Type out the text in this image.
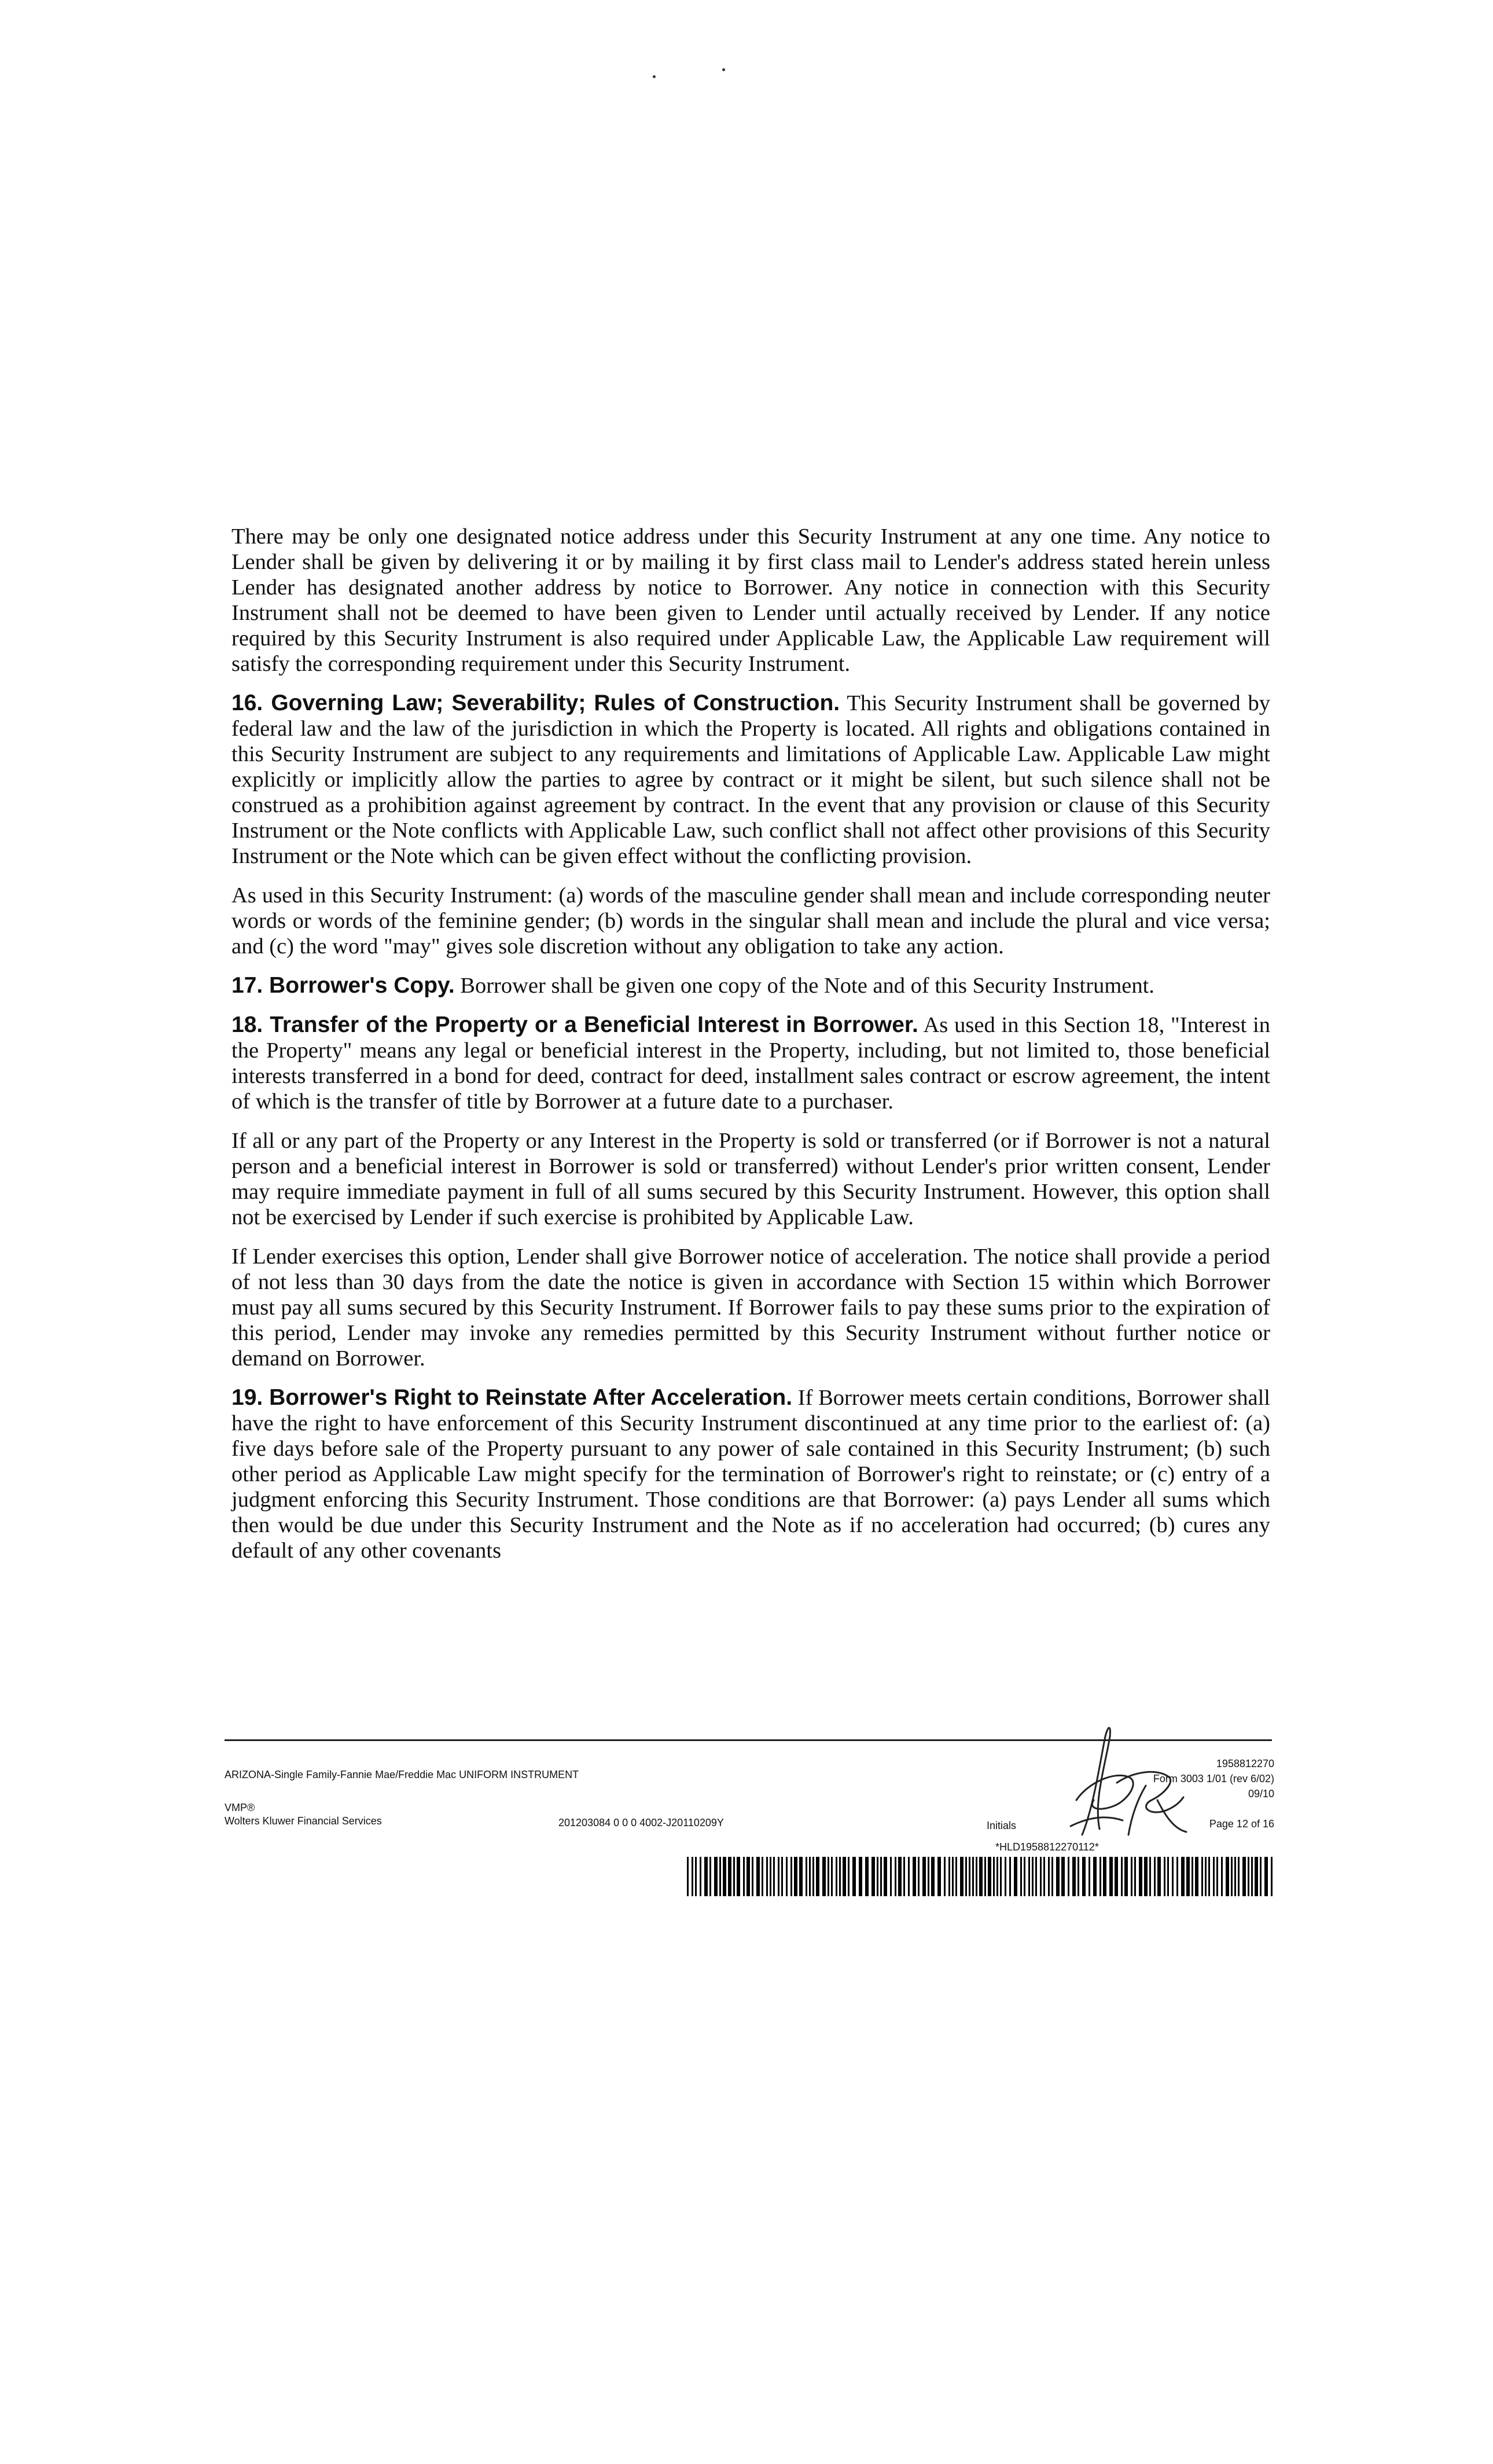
There may be only one designated notice address under this Security Instrument at any one time. Any notice to Lender shall be given by delivering it or by mailing it by first class mail to Lender's address stated herein unless Lender has designated another address by notice to Borrower. Any notice in connection with this Security Instrument shall not be deemed to have been given to Lender until actually received by Lender. If any notice required by this Security Instrument is also required under Applicable Law, the Applicable Law requirement will satisfy the corresponding requirement under this Security Instrument.

16. Governing Law; Severability; Rules of Construction. This Security Instrument shall be governed by federal law and the law of the jurisdiction in which the Property is located. All rights and obligations contained in this Security Instrument are subject to any requirements and limitations of Applicable Law. Applicable Law might explicitly or implicitly allow the parties to agree by contract or it might be silent, but such silence shall not be construed as a prohibition against agreement by contract. In the event that any provision or clause of this Security Instrument or the Note conflicts with Applicable Law, such conflict shall not affect other provisions of this Security Instrument or the Note which can be given effect without the conflicting provision.

As used in this Security Instrument: (a) words of the masculine gender shall mean and include corresponding neuter words or words of the feminine gender; (b) words in the singular shall mean and include the plural and vice versa; and (c) the word "may" gives sole discretion without any obligation to take any action.

17. Borrower's Copy. Borrower shall be given one copy of the Note and of this Security Instrument.

18. Transfer of the Property or a Beneficial Interest in Borrower. As used in this Section 18, "Interest in the Property" means any legal or beneficial interest in the Property, including, but not limited to, those beneficial interests transferred in a bond for deed, contract for deed, installment sales contract or escrow agreement, the intent of which is the transfer of title by Borrower at a future date to a purchaser.

If all or any part of the Property or any Interest in the Property is sold or transferred (or if Borrower is not a natural person and a beneficial interest in Borrower is sold or transferred) without Lender's prior written consent, Lender may require immediate payment in full of all sums secured by this Security Instrument. However, this option shall not be exercised by Lender if such exercise is prohibited by Applicable Law.

If Lender exercises this option, Lender shall give Borrower notice of acceleration. The notice shall provide a period of not less than 30 days from the date the notice is given in accordance with Section 15 within which Borrower must pay all sums secured by this Security Instrument. If Borrower fails to pay these sums prior to the expiration of this period, Lender may invoke any remedies permitted by this Security Instrument without further notice or demand on Borrower.

19. Borrower's Right to Reinstate After Acceleration. If Borrower meets certain conditions, Borrower shall have the right to have enforcement of this Security Instrument discontinued at any time prior to the earliest of: (a) five days before sale of the Property pursuant to any power of sale contained in this Security Instrument; (b) such other period as Applicable Law might specify for the termination of Borrower's right to reinstate; or (c) entry of a judgment enforcing this Security Instrument. Those conditions are that Borrower: (a) pays Lender all sums which then would be due under this Security Instrument and the Note as if no acceleration had occurred; (b) cures any default of any other covenants

ARIZONA-Single Family-Fannie Mae/Freddie Mac UNIFORM INSTRUMENT
VMP®
Wolters Kluwer Financial Services	201203084 0 0 0 4002-J20110209Y
1958812270
Form 3003 1/01 (rev 6/02)
09/10
Initials	Page 12 of 16
*HLD1958812270112*
